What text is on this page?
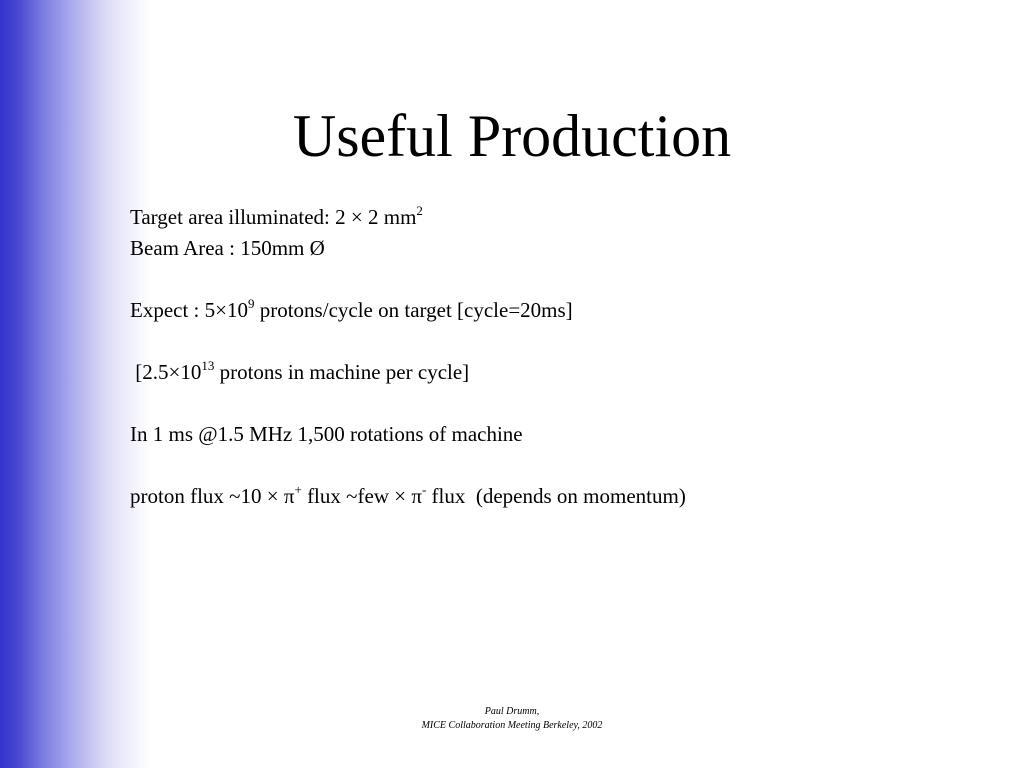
Useful Production
Target area illuminated: 2 × 2 $mm^2$
Beam Area : 150mm Ø
Expect : $5\times 10^9$ protons/cycle on target [cycle=20ms]
[$2.5\times 10^{13}$ protons in machine per cycle]
In 1 ms @1.5 MHz 1,500 rotations of machine
proton flux ~10 × π+ flux ~few × π- flux  (depends on momentum)
Paul Drumm,
MICE Collaboration Meeting Berkeley, 2002
